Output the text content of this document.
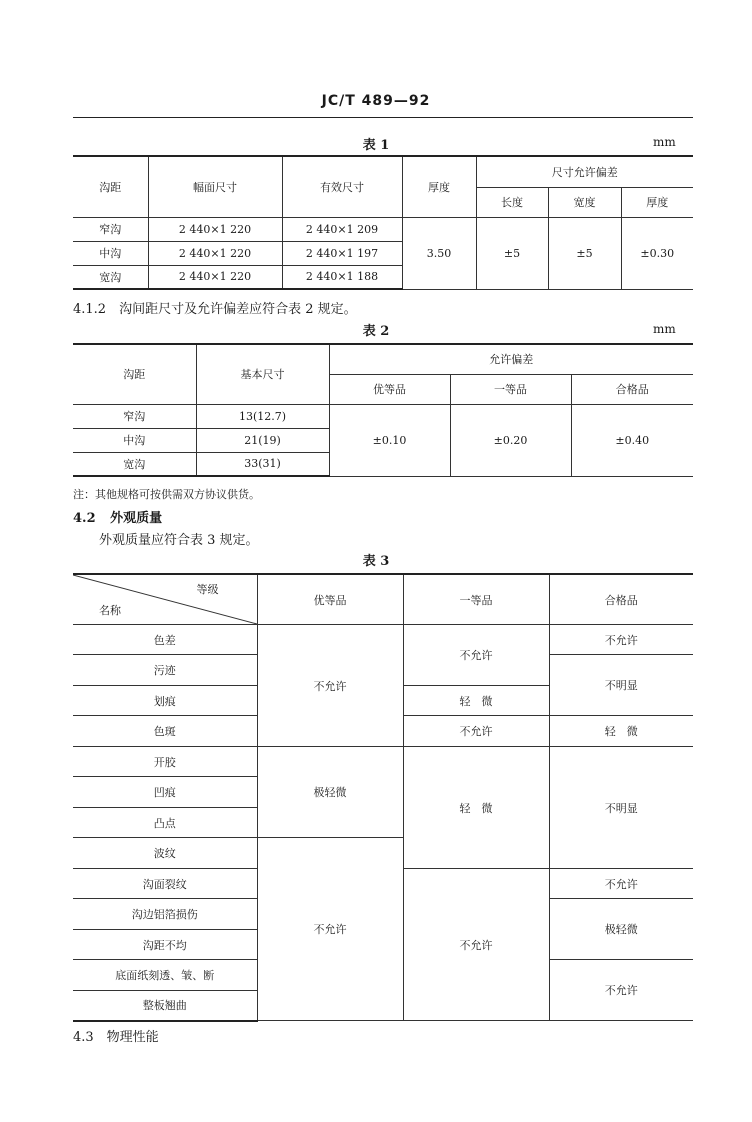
JC/T 489—92
表 1	mm
沟距	幅面尺寸	有效尺寸	厚度	尺寸允许偏差		
				长度	宽度	厚度
窄沟	2 440×1 220	2 440×1 209	3.50	±5	±5	±0.30
中沟	2 440×1 220	2 440×1 197				
宽沟	2 440×1 220	2 440×1 188				
4.1.2　沟间距尺寸及允许偏差应符合表 2 规定。
表 2	mm
沟距	基本尺寸	允许偏差		
		优等品	一等品	合格品
窄沟	13(12.7)	±0.10	±0.20	±0.40
中沟	21(19)			
宽沟	33(31)			
注：其他规格可按供需双方协议供货。
4.2 外观质量
外观质量应符合表 3 规定。
表 3
等级
名称	优等品	一等品	合格品
色差	不允许	不允许	不允许
污迹			不明显
划痕		轻　微	
色斑		不允许	轻　微
开胶	极轻微	轻　微	不明显
凹痕			
凸点			
波纹	不允许		
沟面裂纹		不允许	不允许
沟边铝箔损伤			极轻微
沟距不均			
底面纸刻透、皱、断			不允许
整板翘曲			
4.3　物理性能
